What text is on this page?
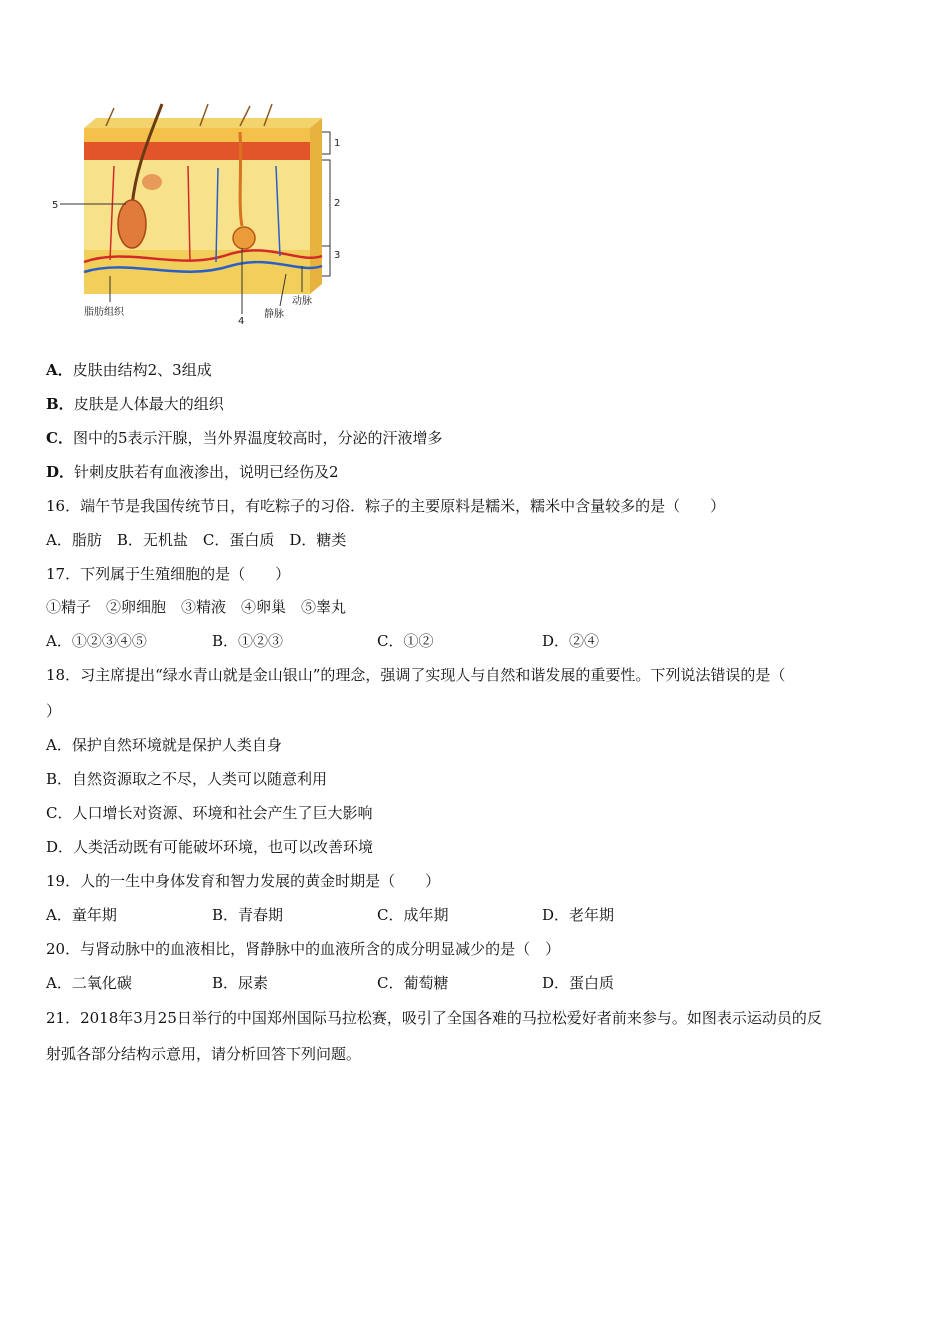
1
2
3
5
4
脂肪组织	静脉
动脉
A．皮肤由结构2、3组成
B．皮肤是人体最大的组织
C．图中的5表示汗腺，当外界温度较高时，分泌的汗液增多
D．针刺皮肤若有血液渗出，说明已经伤及2
16．端午节是我国传统节日，有吃粽子的习俗．粽子的主要原料是糯米，糯米中含量较多的是（　　）
A．脂肪　B．无机盐　C．蛋白质　D．糖类
17．下列属于生殖细胞的是（　　）
①精子　②卵细胞　③精液　④卵巢　⑤睾丸
A．①②③④⑤	B．①②③	C．①②	D．②④
18．习主席提出“绿水青山就是金山银山”的理念，强调了实现人与自然和谐发展的重要性。下列说法错误的是（
）
A．保护自然环境就是保护人类自身
B．自然资源取之不尽，人类可以随意利用
C．人口增长对资源、环境和社会产生了巨大影响
D．人类活动既有可能破坏环境，也可以改善环境
19．人的一生中身体发育和智力发展的黄金时期是（　　）
A．童年期	B．青春期	C．成年期	D．老年期
20．与肾动脉中的血液相比，肾静脉中的血液所含的成分明显减少的是（　）
A．二氧化碳	B．尿素	C．葡萄糖	D．蛋白质
21．2018年3月25日举行的中国郑州国际马拉松赛，吸引了全国各难的马拉松爱好者前来参与。如图表示运动员的反
射弧各部分结构示意用，请分析回答下列问题。
